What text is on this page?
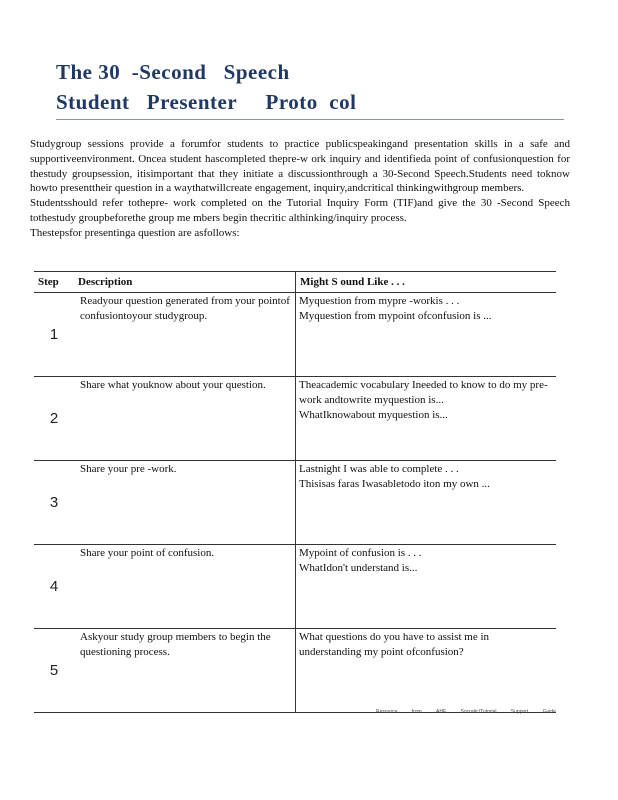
The 30  -Second   Speech
Student   Presenter     Proto  col

Studygroup sessions provide a forumfor students to practice publicspeakingand presentation skills in a safe and supportiveenvironment. Oncea student hascompleted thepre-w ork inquiry and identifieda point of confusionquestion for thestudy groupsession, itisimportant that they initiate a discussionthrough a 30-Second Speech.Students need toknow howto presenttheir question in a waythatwillcreate engagement, inquiry,andcritical thinkingwithgroup members.

Studentsshould refer tothepre- work completed on the Tutorial Inquiry Form (TIF)and give the 30 -Second Speech tothestudy groupbeforethe group me mbers begin thecritic althinking/inquiry process.

Thestepsfor presentinga question are asfollows:

Step	Description	Might S ound Like . . .
1	Readyour question generated from your pointof confusiontoyour studygroup.	Myquestion from mypre -workis . . .
Myquestion from mypoint ofconfusion is ...

2	Share what youknow about your question.	Theacademic vocabulary Ineeded to know to do my pre-work andtowrite myquestion is...
WhatIknowabout myquestion is...

3	Share your pre -work.	Lastnight I was able to complete . . .
Thisisas faras Iwasabletodo iton my own ...

4	Share your point of confusion.	Mypoint of confusion is . . .
WhatIdon't understand is...

5	Askyour study group members to begin the questioning process.	What questions do you have to assist me in understanding my point ofconfusion?
Resource	from	AHE	Socratic/Tutorial	Support	Guide
